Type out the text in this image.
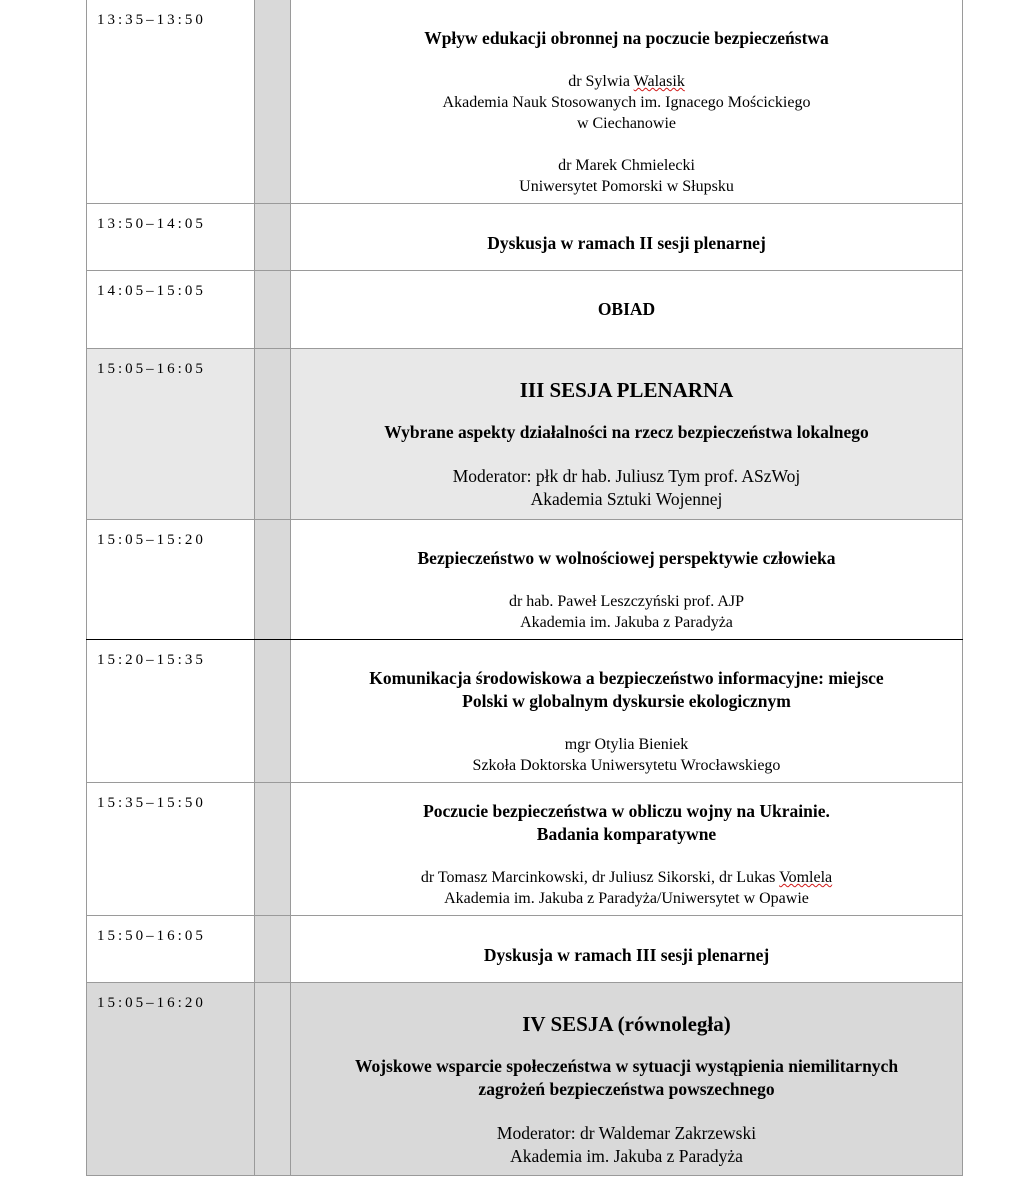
13:35–13:50
Wpływ edukacji obronnej na poczucie bezpieczeństwa
dr Sylwia Walasik
Akademia Nauk Stosowanych im. Ignacego Mościckiego
w Ciechanowie
dr Marek Chmielecki
Uniwersytet Pomorski w Słupsku
13:50–14:05
Dyskusja w ramach II sesji plenarnej
14:05–15:05
OBIAD
15:05–16:05
III SESJA PLENARNA
Wybrane aspekty działalności na rzecz bezpieczeństwa lokalnego
Moderator: płk dr hab. Juliusz Tym prof. ASzWoj
Akademia Sztuki Wojennej
15:05–15:20
Bezpieczeństwo w wolnościowej perspektywie człowieka
dr hab. Paweł Leszczyński prof. AJP
Akademia im. Jakuba z Paradyża
15:20–15:35
Komunikacja środowiskowa a bezpieczeństwo informacyjne: miejsce
Polski w globalnym dyskursie ekologicznym
mgr Otylia Bieniek
Szkoła Doktorska Uniwersytetu Wrocławskiego
15:35–15:50	Poczucie bezpieczeństwa w obliczu wojny na Ukrainie.
Badania komparatywne
dr Tomasz Marcinkowski, dr Juliusz Sikorski, dr Lukas Vomlela
Akademia im. Jakuba z Paradyża/Uniwersytet w Opawie
15:50–16:05
Dyskusja w ramach III sesji plenarnej
15:05–16:20
IV SESJA (równoległa)
Wojskowe wsparcie społeczeństwa w sytuacji wystąpienia niemilitarnych
zagrożeń bezpieczeństwa powszechnego
Moderator: dr Waldemar Zakrzewski
Akademia im. Jakuba z Paradyża
